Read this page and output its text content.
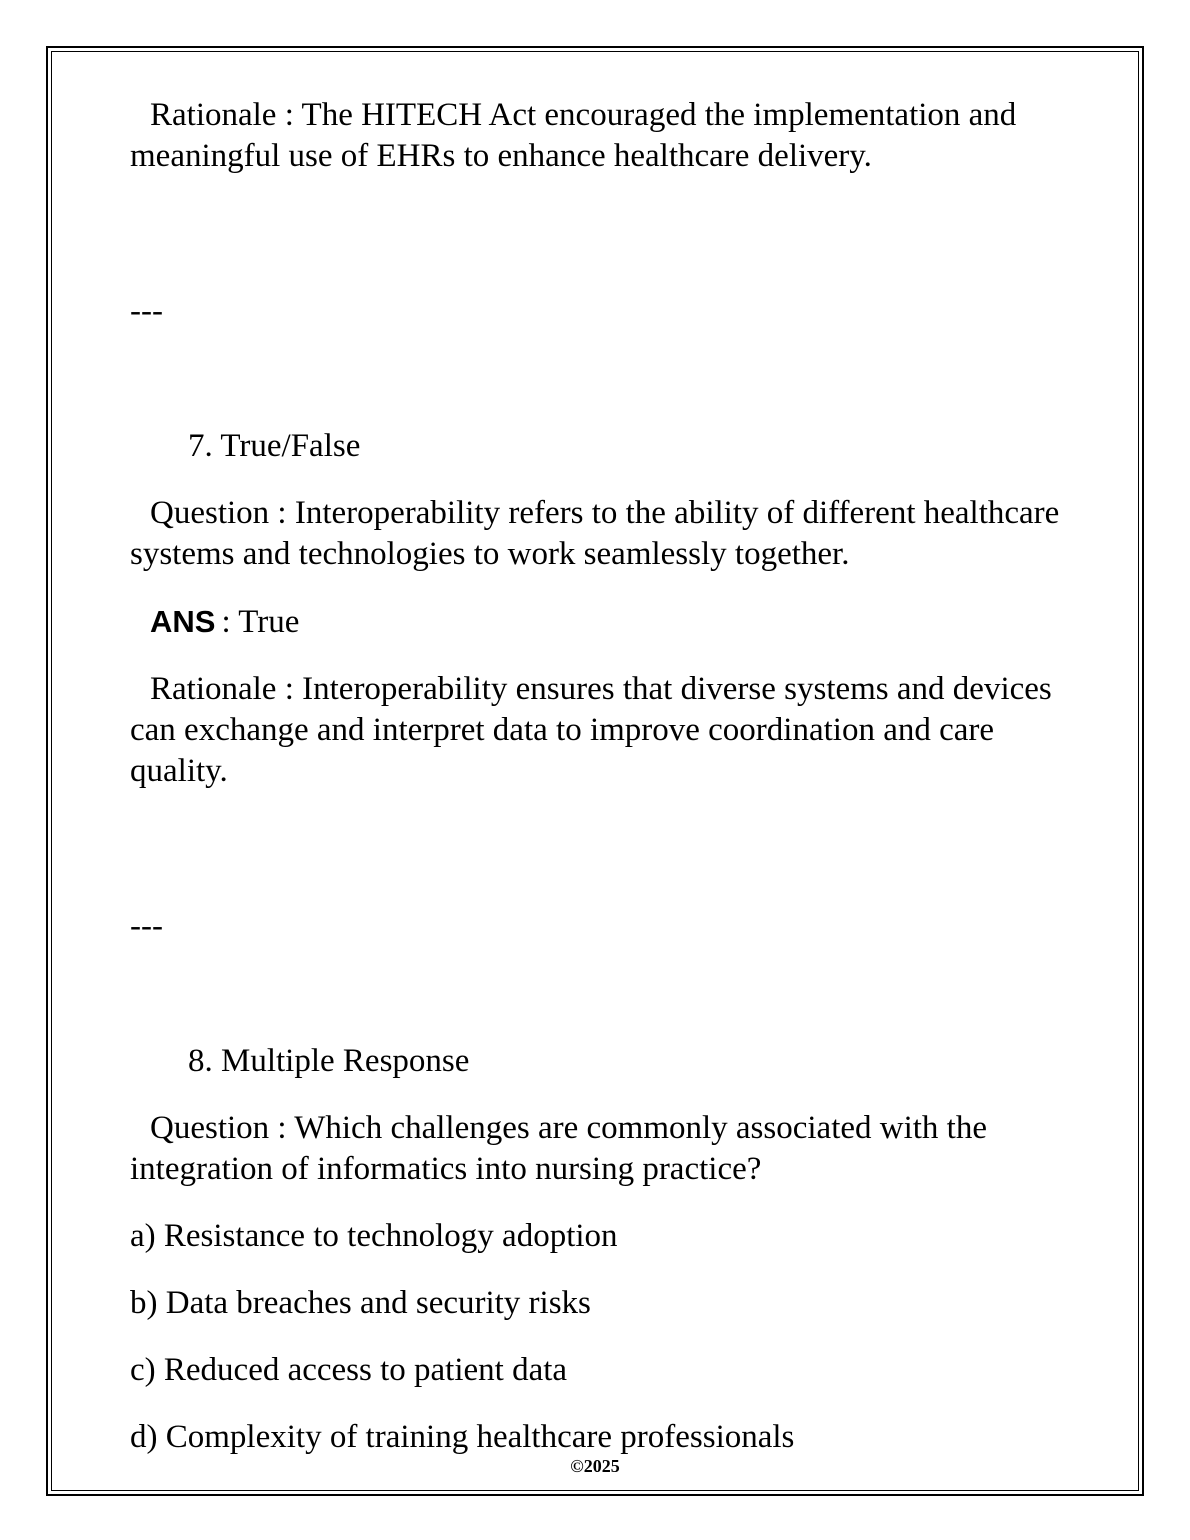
Rationale : The HITECH Act encouraged the implementation and meaningful use of EHRs to enhance healthcare delivery.

---

7. True/False

Question : Interoperability refers to the ability of different healthcare systems and technologies to work seamlessly together.

ANS : True

Rationale : Interoperability ensures that diverse systems and devices can exchange and interpret data to improve coordination and care quality.

---

8. Multiple Response

Question : Which challenges are commonly associated with the integration of informatics into nursing practice?

a) Resistance to technology adoption

b) Data breaches and security risks

c) Reduced access to patient data

d) Complexity of training healthcare professionals

©2025
